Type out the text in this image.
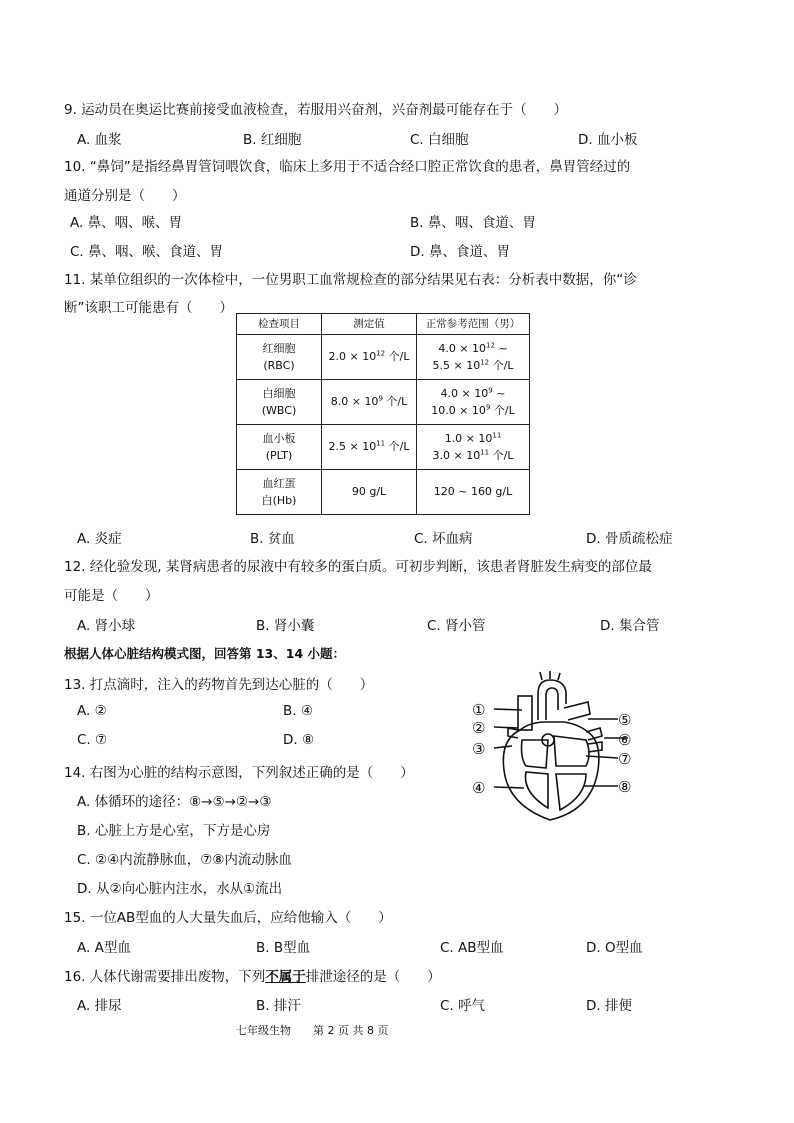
9. 运动员在奥运比赛前接受血液检查，若服用兴奋剂，兴奋剂最可能存在于（　　）
A. 血浆	B. 红细胞	C. 白细胞	D. 血小板
10. “鼻饲”是指经鼻胃管饲喂饮食，临床上多用于不适合经口腔正常饮食的患者，鼻胃管经过的
通道分别是（　　）
A. 鼻、咽、喉、胃	B. 鼻、咽、食道、胃
C. 鼻、咽、喉、食道、胃	D. 鼻、食道、胃
11. 某单位组织的一次体检中，一位男职工血常规检查的部分结果见右表：分析表中数据，你“诊
断”该职工可能患有（　　）
检查项目	测定值	正常参考范围（男）
红细胞
(RBC)	$2.0 \times 10^{12}$ 个/L	$4.0 \times 10^{12}$ ~
$5.5 \times 10^{12}$ 个/L
白细胞
(WBC)	$8.0 \times 10^9$ 个/L	$4.0 \times 10^9$ ~
$10.0 \times 10^9$ 个/L
血小板
(PLT)	$2.5 \times 10^{11}$ 个/L	$1.0 \times 10^{11}$
$3.0 \times 10^{11}$ 个/L
血红蛋
白(Hb)	90 g/L	120 ~ 160 g/L
A. 炎症	B. 贫血	C. 坏血病	D. 骨质疏松症
12. 经化验发现, 某肾病患者的尿液中有较多的蛋白质。可初步判断，该患者肾脏发生病变的部位最
可能是（　　）
A. 肾小球	B. 肾小囊	C. 肾小管	D. 集合管
根据人体心脏结构模式图，回答第 13、14 小题：
13. 打点滴时，注入的药物首先到达心脏的（　　）
A. ②	B. ④
C. ⑦	D. ⑧
14. 右图为心脏的结构示意图，下列叙述正确的是（　　）
A. 体循环的途径：⑧→⑤→②→③
B. 心脏上方是心室，下方是心房
C. ②④内流静脉血，⑦⑧内流动脉血
D. 从②向心脏内注水，水从①流出
①
②
③
④
⑤
⑥
⑦
⑧
15. 一位AB型血的人大量失血后，应给他输入（　　）
A. A型血	B. B型血	C. AB型血	D. O型血
16. 人体代谢需要排出废物，下列不属于排泄途径的是（　　）
A. 排尿	B. 排汗	C. 呼气	D. 排便
七年级生物　　第 2 页 共 8 页
